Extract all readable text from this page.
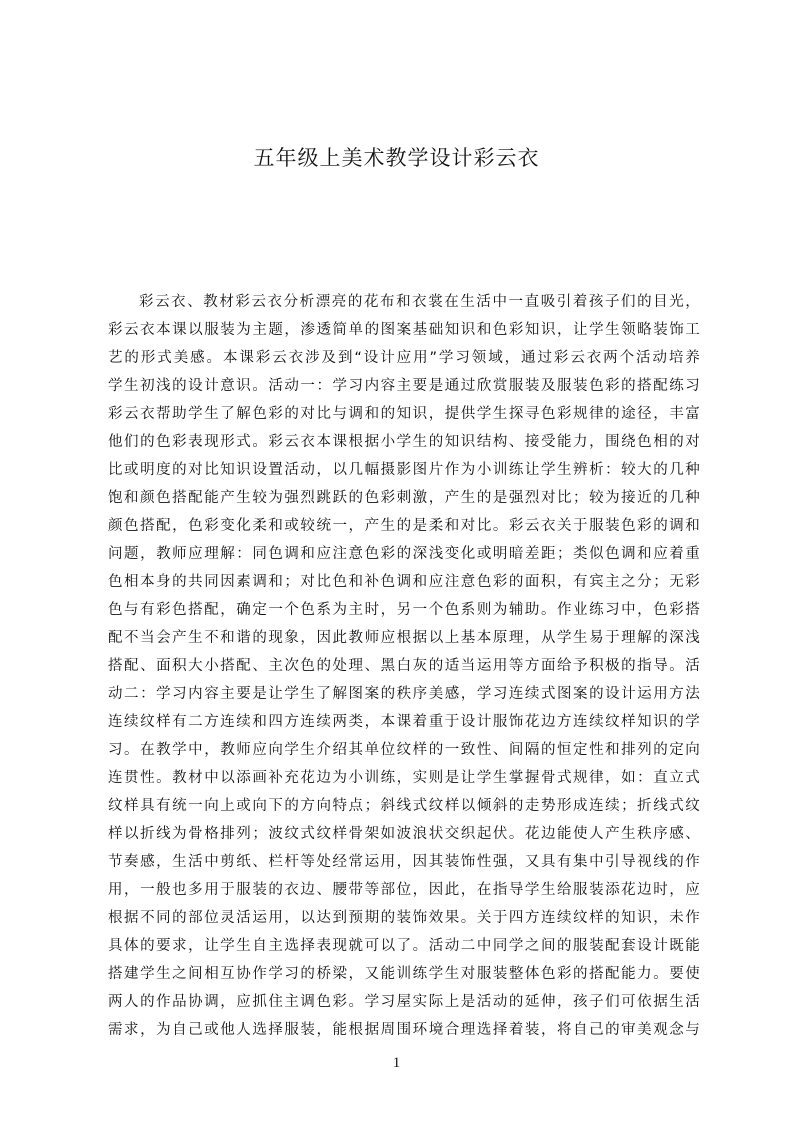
五年级上美术教学设计彩云衣
彩云衣、教材彩云衣分析漂亮的花布和衣裳在生活中一直吸引着孩子们的目光，
彩云衣本课以服装为主题，渗透简单的图案基础知识和色彩知识，让学生领略装饰工
艺的形式美感。本课彩云衣涉及到“设计应用”学习领域，通过彩云衣两个活动培养
学生初浅的设计意识。活动一：学习内容主要是通过欣赏服装及服装色彩的搭配练习
彩云衣帮助学生了解色彩的对比与调和的知识，提供学生探寻色彩规律的途径，丰富
他们的色彩表现形式。彩云衣本课根据小学生的知识结构、接受能力，围绕色相的对
比或明度的对比知识设置活动，以几幅摄影图片作为小训练让学生辨析：较大的几种
饱和颜色搭配能产生较为强烈跳跃的色彩刺激，产生的是强烈对比；较为接近的几种
颜色搭配，色彩变化柔和或较统一，产生的是柔和对比。彩云衣关于服装色彩的调和
问题，教师应理解：同色调和应注意色彩的深浅变化或明暗差距；类似色调和应着重
色相本身的共同因素调和；对比色和补色调和应注意色彩的面积，有宾主之分；无彩
色与有彩色搭配，确定一个色系为主时，另一个色系则为辅助。作业练习中，色彩搭
配不当会产生不和谐的现象，因此教师应根据以上基本原理，从学生易于理解的深浅
搭配、面积大小搭配、主次色的处理、黑白灰的适当运用等方面给予积极的指导。活
动二：学习内容主要是让学生了解图案的秩序美感，学习连续式图案的设计运用方法
连续纹样有二方连续和四方连续两类，本课着重于设计服饰花边方连续纹样知识的学
习。在教学中，教师应向学生介绍其单位纹样的一致性、间隔的恒定性和排列的定向
连贯性。教材中以添画补充花边为小训练，实则是让学生掌握骨式规律，如：直立式
纹样具有统一向上或向下的方向特点；斜线式纹样以倾斜的走势形成连续；折线式纹
样以折线为骨格排列；波纹式纹样骨架如波浪状交织起伏。花边能使人产生秩序感、
节奏感，生活中剪纸、栏杆等处经常运用，因其装饰性强，又具有集中引导视线的作
用，一般也多用于服装的衣边、腰带等部位，因此，在指导学生给服装添花边时，应
根据不同的部位灵活运用，以达到预期的装饰效果。关于四方连续纹样的知识，未作
具体的要求，让学生自主选择表现就可以了。活动二中同学之间的服装配套设计既能
搭建学生之间相互协作学习的桥梁，又能训练学生对服装整体色彩的搭配能力。要使
两人的作品协调，应抓住主调色彩。学习屋实际上是活动的延伸，孩子们可依据生活
需求，为自己或他人选择服装，能根据周围环境合理选择着装，将自己的审美观念与
1
